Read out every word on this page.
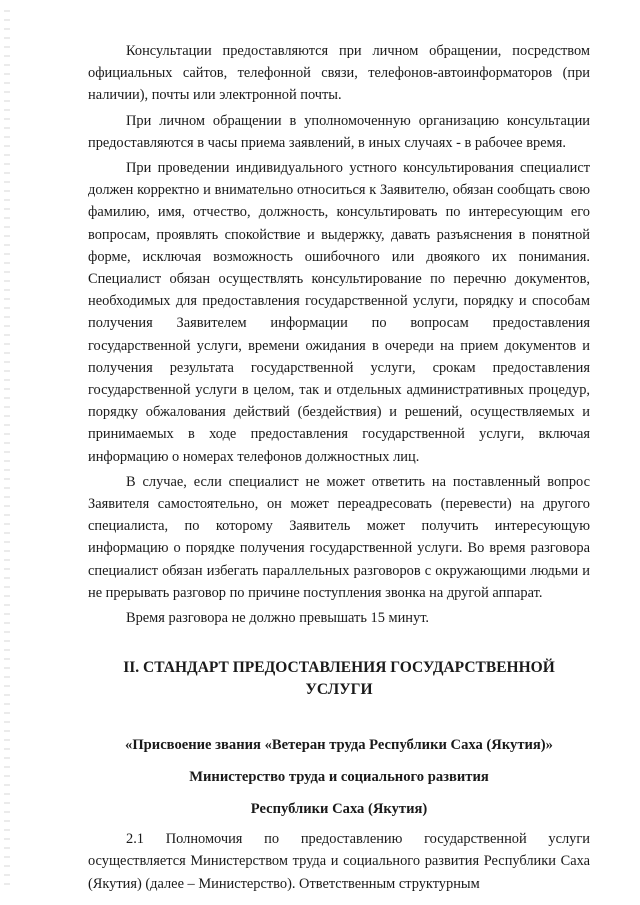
Консультации предоставляются при личном обращении, посредством официальных сайтов, телефонной связи, телефонов-автоинформаторов (при наличии), почты или электронной почты.

При личном обращении в уполномоченную организацию консультации предоставляются в часы приема заявлений, в иных случаях - в рабочее время.

При проведении индивидуального устного консультирования специалист должен корректно и внимательно относиться к Заявителю, обязан сообщать свою фамилию, имя, отчество, должность, консультировать по интересующим его вопросам, проявлять спокойствие и выдержку, давать разъяснения в понятной форме, исключая возможность ошибочного или двоякого их понимания. Специалист обязан осуществлять консультирование по перечню документов, необходимых для предоставления государственной услуги, порядку и способам получения Заявителем информации по вопросам предоставления государственной услуги, времени ожидания в очереди на прием документов и получения результата государственной услуги, срокам предоставления государственной услуги в целом, так и отдельных административных процедур, порядку обжалования действий (бездействия) и решений, осуществляемых и принимаемых в ходе предоставления государственной услуги, включая информацию о номерах телефонов должностных лиц.

В случае, если специалист не может ответить на поставленный вопрос Заявителя самостоятельно, он может переадресовать (перевести) на другого специалиста, по которому Заявитель может получить интересующую информацию о порядке получения государственной услуги. Во время разговора специалист обязан избегать параллельных разговоров с окружающими людьми и не прерывать разговор по причине поступления звонка на другой аппарат.

Время разговора не должно превышать 15 минут.

II. СТАНДАРТ ПРЕДОСТАВЛЕНИЯ ГОСУДАРСТВЕННОЙ УСЛУГИ

«Присвоение звания «Ветеран труда Республики Саха (Якутия)»

Министерство труда и социального развития

Республики Саха (Якутия)

2.1 Полномочия по предоставлению государственной услуги осуществляется Министерством труда и социального развития Республики Саха (Якутия) (далее – Министерство). Ответственным структурным
